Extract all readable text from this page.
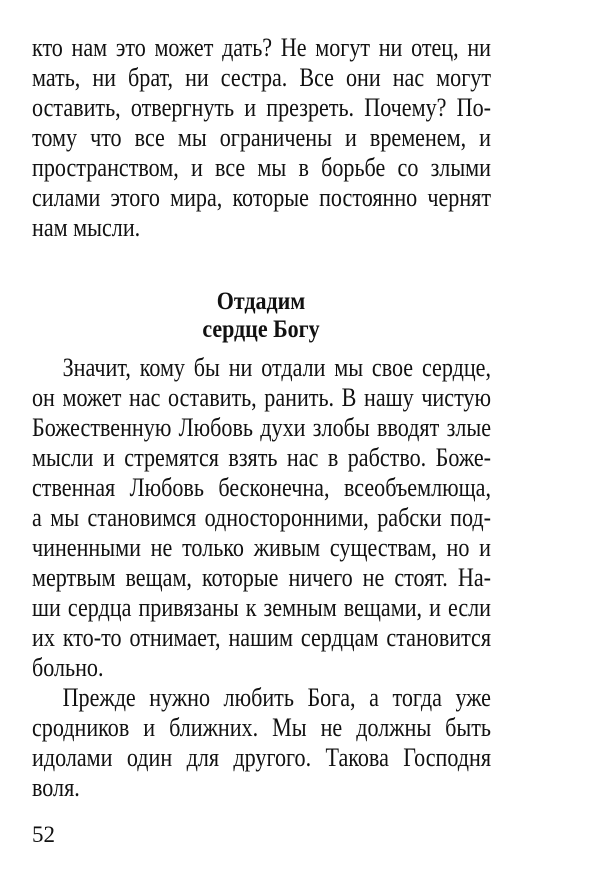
кто нам это может дать? Не могут ни отец, ни
мать, ни брат, ни сестра. Все они нас могут
оставить, отвергнуть и презреть. Почему? По-
тому что все мы ограничены и временем, и
пространством, и все мы в борьбе со злыми
силами этого мира, которые постоянно чернят
нам мысли.
Отдадим
сердце Богу
Значит, кому бы ни отдали мы свое сердце,
он может нас оставить, ранить. В нашу чистую
Божественную Любовь духи злобы вводят злые
мысли и стремятся взять нас в рабство. Боже-
ственная Любовь бесконечна, всеобъемлюща,
а мы становимся односторонними, рабски под-
чиненными не только живым существам, но и
мертвым вещам, которые ничего не стоят. На-
ши сердца привязаны к земным вещами, и если
их кто-то отнимает, нашим сердцам становится
больно.
Прежде нужно любить Бога, а тогда уже
сродников и ближних. Мы не должны быть
идолами один для другого. Такова Господня
воля.
52
